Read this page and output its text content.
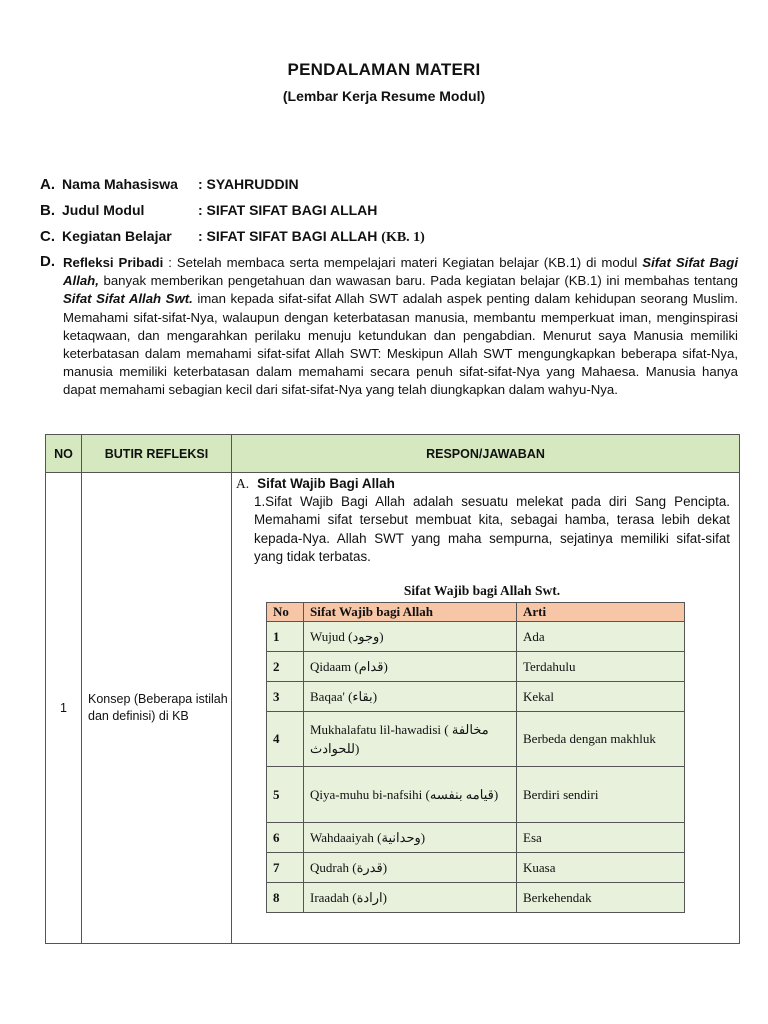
PENDALAMAN MATERI
(Lembar Kerja Resume Modul)
A. Nama Mahasiswa : SYAHRUDDIN
B. Judul Modul	: SIFAT SIFAT BAGI ALLAH
C. Kegiatan Belajar : SIFAT SIFAT BAGI ALLAH (KB. 1)
D. Refleksi Pribadi : Setelah membaca serta mempelajari materi Kegiatan belajar (KB.1) di modul Sifat Sifat Bagi Allah, banyak memberikan pengetahuan dan wawasan baru. Pada kegiatan belajar (KB.1) ini membahas tentang Sifat Sifat Allah Swt. iman kepada sifat-sifat Allah SWT adalah aspek penting dalam kehidupan seorang Muslim. Memahami sifat-sifat-Nya, walaupun dengan keterbatasan manusia, membantu memperkuat iman, menginspirasi ketaqwaan, dan mengarahkan perilaku menuju ketundukan dan pengabdian. Menurut saya Manusia memiliki keterbatasan dalam memahami sifat-sifat Allah SWT: Meskipun Allah SWT mengungkapkan beberapa sifat-Nya, manusia memiliki keterbatasan dalam memahami secara penuh sifat-sifat-Nya yang Mahaesa. Manusia hanya dapat memahami sebagian kecil dari sifat-sifat-Nya yang telah diungkapkan dalam wahyu-Nya.
NO	BUTIR REFLEKSI	RESPON/JAWABAN
1	Konsep (Beberapa istilah dan definisi) di KB	
A. Sifat Wajib Bagi Allah
1.Sifat Wajib Bagi Allah adalah sesuatu melekat pada diri Sang Pencipta. Memahami sifat tersebut membuat kita, sebagai hamba, terasa lebih dekat kepada-Nya. Allah SWT yang maha sempurna, sejatinya memiliki sifat-sifat yang tidak terbatas.
Sifat Wajib bagi Allah Swt.
No	Sifat Wajib bagi Allah	Arti
1	Wujud (وجود)	Ada
2	Qidaam (قدام)	Terdahulu
3	Baqaa' (بقاء)	Kekal
4	Mukhalafatu lil-hawadisi ( مخالفة للحوادث)	Berbeda dengan makhluk
5	Qiya-muhu bi-nafsihi (قيامه بنفسه)	Berdiri sendiri
6	Wahdaaiyah (وحدانية)	Esa
7	Qudrah (قدرة)	Kuasa
8	Iraadah (ارادة)	Berkehendak
